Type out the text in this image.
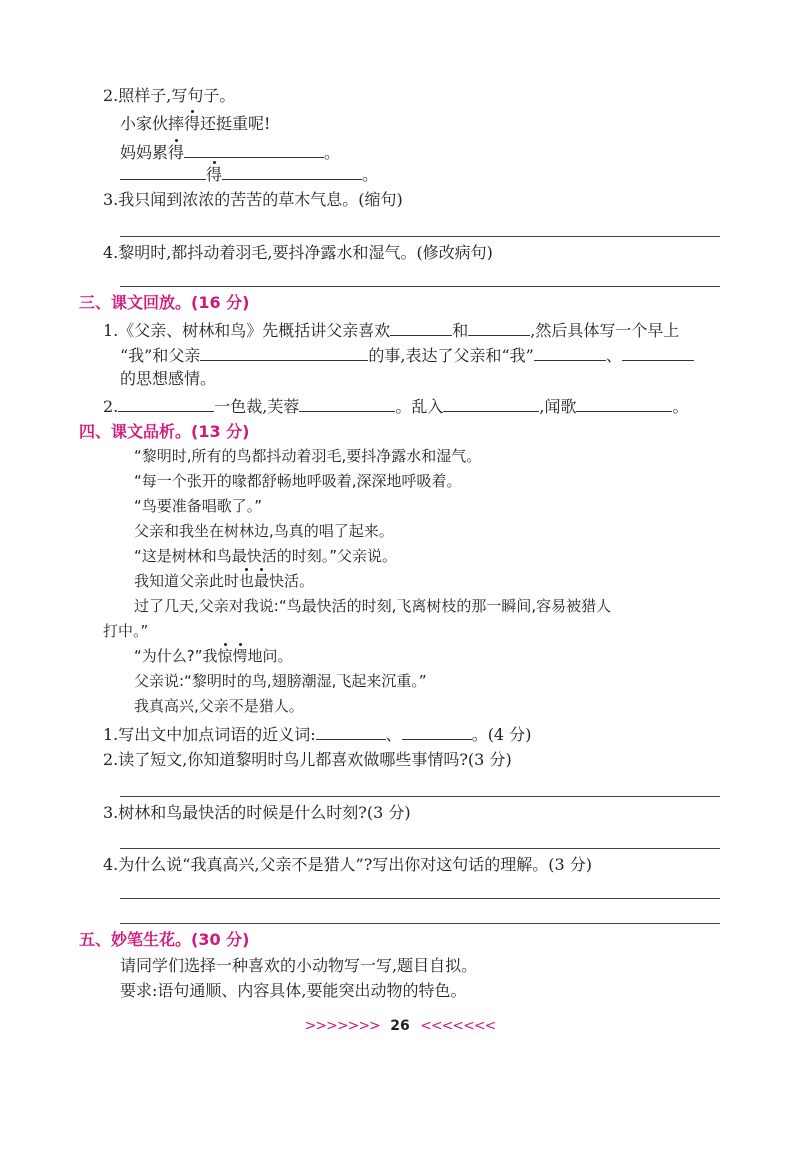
2.照样子,写句子。
小家伙摔得还挺重呢!
妈妈累得	。
得	。
3.我只闻到浓浓的苦苦的草木气息。(缩句)
4.黎明时,都抖动着羽毛,要抖净露水和湿气。(修改病句)
三、课文回放。(16 分)
1.《父亲、树林和鸟》先概括讲父亲喜欢	和	,然后具体写一个早上
“我”和父亲	的事,表达了父亲和“我”	、
的思想感情。
2.	一色裁,芙蓉	。乱入	,闻歌	。
四、课文品析。(13 分)
“黎明时,所有的鸟都抖动着羽毛,要抖净露水和湿气。
“每一个张开的喙都舒畅地呼吸着,深深地呼吸着。
“鸟要准备唱歌了。”
父亲和我坐在树林边,鸟真的唱了起来。
“这是树林和鸟最快活的时刻。”父亲说。
我知道父亲此时也最快活。
过了几天,父亲对我说:“鸟最快活的时刻,飞离树枝的那一瞬间,容易被猎人
打中。”
“为什么?”我惊愕地问。
父亲说:“黎明时的鸟,翅膀潮湿,飞起来沉重。”
我真高兴,父亲不是猎人。
1.写出文中加点词语的近义词:	、	。(4 分)
2.读了短文,你知道黎明时鸟儿都喜欢做哪些事情吗?(3 分)
3.树林和鸟最快活的时候是什么时刻?(3 分)
4.为什么说“我真高兴,父亲不是猎人”?写出你对这句话的理解。(3 分)
五、妙笔生花。(30 分)
请同学们选择一种喜欢的小动物写一写,题目自拟。
要求:语句通顺、内容具体,要能突出动物的特色。
>>>>>>> 26 <<<<<<<
